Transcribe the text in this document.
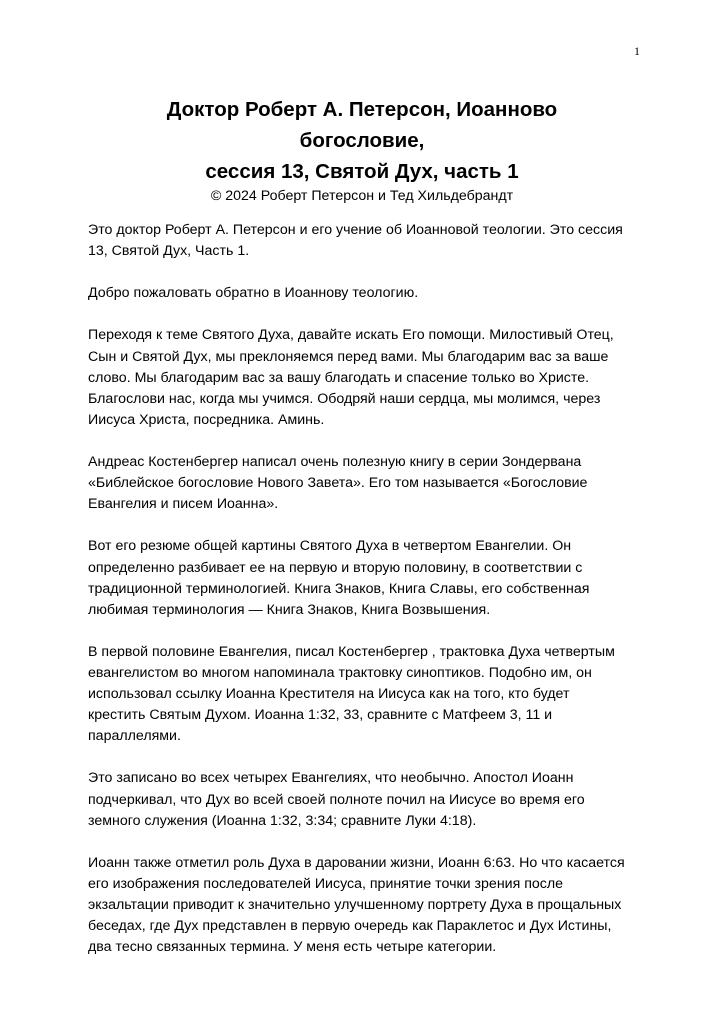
1
Доктор Роберт А. Петерсон, Иоанново
богословие,
сессия 13, Святой Дух, часть 1
© 2024 Роберт Петерсон и Тед Хильдебрандт

Это доктор Роберт А. Петерсон и его учение об Иоанновой теологии. Это сессия
13, Святой Дух, Часть 1.

Добро пожаловать обратно в Иоаннову теологию.

Переходя к теме Святого Духа, давайте искать Его помощи. Милостивый Отец,
Сын и Святой Дух, мы преклоняемся перед вами. Мы благодарим вас за ваше
слово. Мы благодарим вас за вашу благодать и спасение только во Христе.
Благослови нас, когда мы учимся. Ободряй наши сердца, мы молимся, через
Иисуса Христа, посредника. Аминь.

Андреас Костенбергер написал очень полезную книгу в серии Зондервана
«Библейское богословие Нового Завета». Его том называется «Богословие
Евангелия и писем Иоанна».

Вот его резюме общей картины Святого Духа в четвертом Евангелии. Он
определенно разбивает ее на первую и вторую половину, в соответствии с
традиционной терминологией. Книга Знаков, Книга Славы, его собственная
любимая терминология — Книга Знаков, Книга Возвышения.

В первой половине Евангелия, писал Костенбергер , трактовка Духа четвертым
евангелистом во многом напоминала трактовку синоптиков. Подобно им, он
использовал ссылку Иоанна Крестителя на Иисуса как на того, кто будет
крестить Святым Духом. Иоанна 1:32, 33, сравните с Матфеем 3, 11 и
параллелями.

Это записано во всех четырех Евангелиях, что необычно. Апостол Иоанн
подчеркивал, что Дух во всей своей полноте почил на Иисусе во время его
земного служения (Иоанна 1:32, 3:34; сравните Луки 4:18).

Иоанн также отметил роль Духа в даровании жизни, Иоанн 6:63. Но что касается
его изображения последователей Иисуса, принятие точки зрения после
экзальтации приводит к значительно улучшенному портрету Духа в прощальных
беседах, где Дух представлен в первую очередь как Параклетос и Дух Истины,
два тесно связанных термина. У меня есть четыре категории.
